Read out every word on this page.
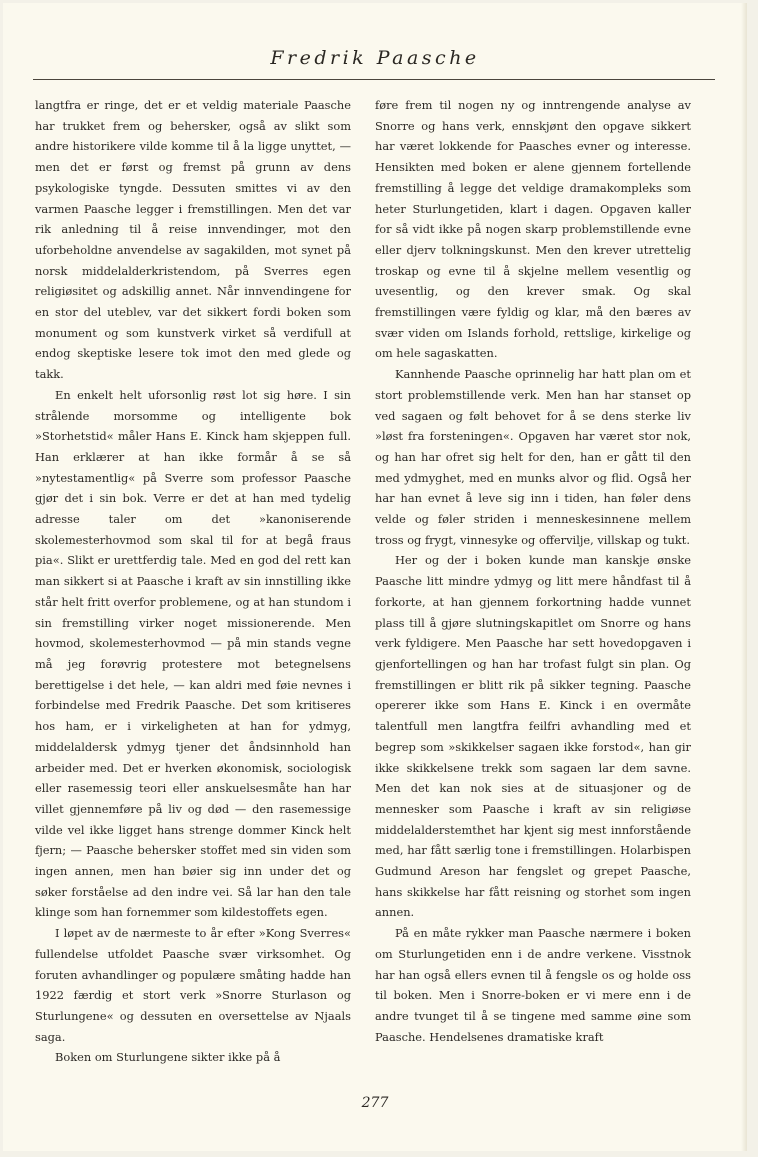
Fredrik Paasche

langtfra er ringe, det er et veldig materiale Paasche har trukket frem og behersker, også av slikt som andre historikere vilde komme til å la ligge unyttet, — men det er først og fremst på grunn av dens psykologiske tyngde. Dessuten smittes vi av den varmen Paasche legger i fremstillingen. Men det var rik anledning til å reise innvendinger, mot den uforbeholdne anvendelse av sagakilden, mot synet på norsk middelalderkristendom, på Sverres egen religiøsitet og adskillig annet. Når innvendingene for en stor del uteblev, var det sikkert fordi boken som monument og som kunstverk virket så verdifull at endog skeptiske lesere tok imot den med glede og takk.

En enkelt helt uforsonlig røst lot sig høre. I sin strålende morsomme og intelligente bok »Storhetstid« måler Hans E. Kinck ham skjeppen full. Han erklærer at han ikke formår å se så »nytestamentlig« på Sverre som professor Paasche gjør det i sin bok. Verre er det at han med tydelig adresse taler om det »kanoniserende skolemesterhovmod som skal til for at begå fraus pia«. Slikt er urettferdig tale. Med en god del rett kan man sikkert si at Paasche i kraft av sin innstilling ikke står helt fritt overfor problemene, og at han stundom i sin fremstilling virker noget missionerende. Men hovmod, skolemesterhovmod — på min stands vegne må jeg forøvrig protestere mot betegnelsens berettigelse i det hele, — kan aldri med føie nevnes i forbindelse med Fredrik Paasche. Det som kritiseres hos ham, er i virkeligheten at han for ydmyg, middelaldersk ydmyg tjener det åndsinnhold han arbeider med. Det er hverken økonomisk, sociologisk eller rasemessig teori eller anskuelsesmåte han har villet gjennemføre på liv og død — den rasemessige vilde vel ikke ligget hans strenge dommer Kinck helt fjern; — Paasche behersker stoffet med sin viden som ingen annen, men han bøier sig inn under det og søker forståelse ad den indre vei. Så lar han den tale klinge som han fornemmer som kildestoffets egen.

I løpet av de nærmeste to år efter »Kong Sverres« fullendelse utfoldet Paasche svær virksomhet. Og foruten avhandlinger og populære småting hadde han 1922 færdig et stort verk »Snorre Sturlason og Sturlungene« og dessuten en oversettelse av Njaals saga.

Boken om Sturlungene sikter ikke på å

føre frem til nogen ny og inntrengende analyse av Snorre og hans verk, ennskjønt den opgave sikkert har været lokkende for Paasches evner og interesse. Hensikten med boken er alene gjennem fortellende fremstilling å legge det veldige dramakompleks som heter Sturlungetiden, klart i dagen. Opgaven kaller for så vidt ikke på nogen skarp problemstillende evne eller djerv tolkningskunst. Men den krever utrettelig troskap og evne til å skjelne mellem vesentlig og uvesentlig, og den krever smak. Og skal fremstillingen være fyldig og klar, må den bæres av svær viden om Islands forhold, rettslige, kirkelige og om hele sagaskatten.

Kannhende Paasche oprinnelig har hatt plan om et stort problemstillende verk. Men han har stanset op ved sagaen og følt behovet for å se dens sterke liv »løst fra forsteningen«. Opgaven har været stor nok, og han har ofret sig helt for den, han er gått til den med ydmyghet, med en munks alvor og flid. Også her har han evnet å leve sig inn i tiden, han føler dens velde og føler striden i menneskesinnene mellem tross og frygt, vinnesyke og offervilje, villskap og tukt.

Her og der i boken kunde man kanskje ønske Paasche litt mindre ydmyg og litt mere håndfast til å forkorte, at han gjennem forkortning hadde vunnet plass till å gjøre slutningskapitlet om Snorre og hans verk fyldigere. Men Paasche har sett hovedopgaven i gjenfortellingen og han har trofast fulgt sin plan. Og fremstillingen er blitt rik på sikker tegning. Paasche opererer ikke som Hans E. Kinck i en overmåte talentfull men langtfra feilfri avhandling med et begrep som »skikkelser sagaen ikke forstod«, han gir ikke skikkelsene trekk som sagaen lar dem savne. Men det kan nok sies at de situasjoner og de mennesker som Paasche i kraft av sin religiøse middelalderstemthet har kjent sig mest innforstående med, har fått særlig tone i fremstillingen. Holarbispen Gudmund Areson har fengslet og grepet Paasche, hans skikkelse har fått reisning og storhet som ingen annen.

På en måte rykker man Paasche nærmere i boken om Sturlungetiden enn i de andre verkene. Visstnok har han også ellers evnen til å fengsle os og holde oss til boken. Men i Snorre-boken er vi mere enn i de andre tvunget til å se tingene med samme øine som Paasche. Hendelsenes dramatiske kraft

277
